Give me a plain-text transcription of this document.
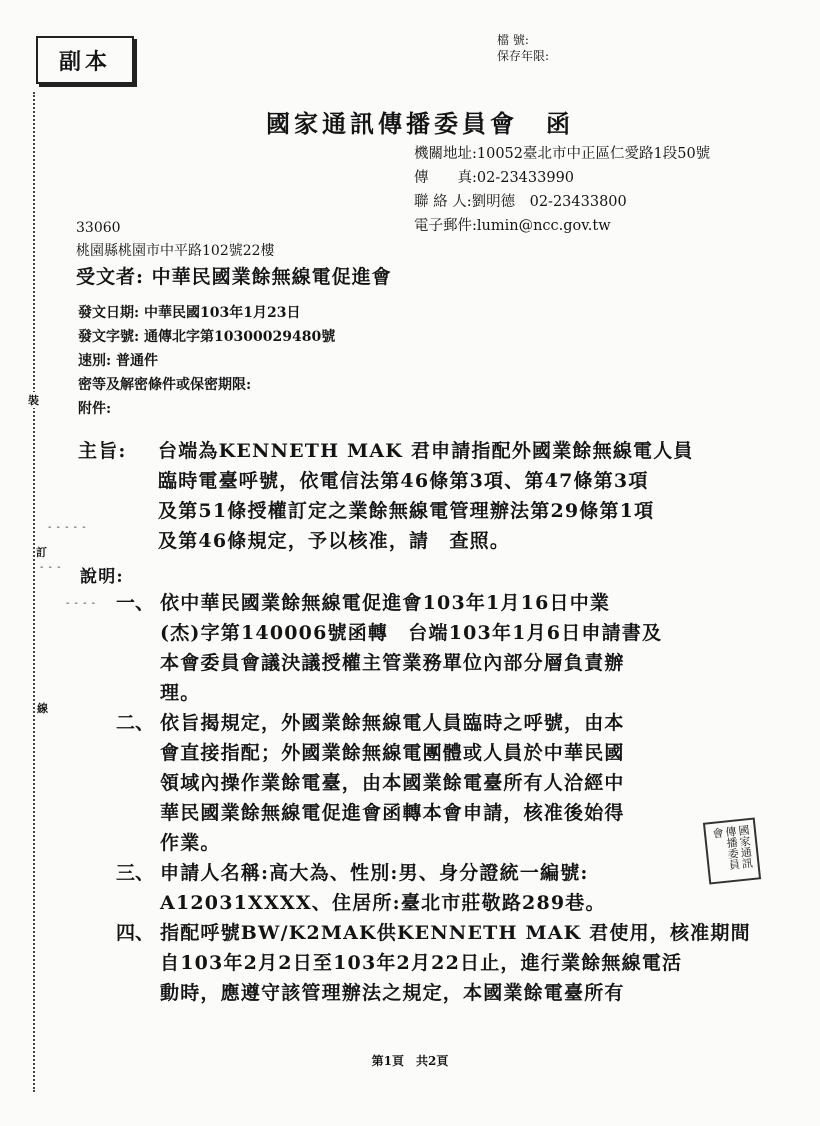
裝
訂
線
- - - - -
- - -
- - - -
副本
檔 號:
保存年限:
國家通訊傳播委員會　函
機關地址:10052臺北市中正區仁愛路1段50號
傳　　真:02-23433990
聯 絡 人:劉明德　02-23433800
電子郵件:lumin@ncc.gov.tw
33060
桃園縣桃園市中平路102號22樓
受文者: 中華民國業餘無線電促進會
發文日期: 中華民國103年1月23日
發文字號: 通傳北字第10300029480號
速別: 普通件
密等及解密條件或保密期限:
附件:
主旨: 台端為KENNETH MAK 君申請指配外國業餘無線電人員
臨時電臺呼號，依電信法第46條第3項、第47條第3項
及第51條授權訂定之業餘無線電管理辦法第29條第1項
及第46條規定，予以核准，請　查照。
說明:
一、 依中華民國業餘無線電促進會103年1月16日中業
(杰)字第140006號函轉　台端103年1月6日申請書及
本會委員會議決議授權主管業務單位內部分層負責辦
理。
二、 依旨揭規定，外國業餘無線電人員臨時之呼號，由本
會直接指配；外國業餘無線電團體或人員於中華民國
領域內操作業餘電臺，由本國業餘電臺所有人洽經中
華民國業餘無線電促進會函轉本會申請，核准後始得
作業。
三、 申請人名稱:高大為、性別:男、身分證統一編號:
A12031XXXX、住居所:臺北市莊敬路289巷。
四、 指配呼號BW/K2MAK供KENNETH MAK 君使用，核准期間
自103年2月2日至103年2月22日止，進行業餘無線電活
動時，應遵守該管理辦法之規定，本國業餘電臺所有
國家通訊傳播委員會
第1頁　共2頁
